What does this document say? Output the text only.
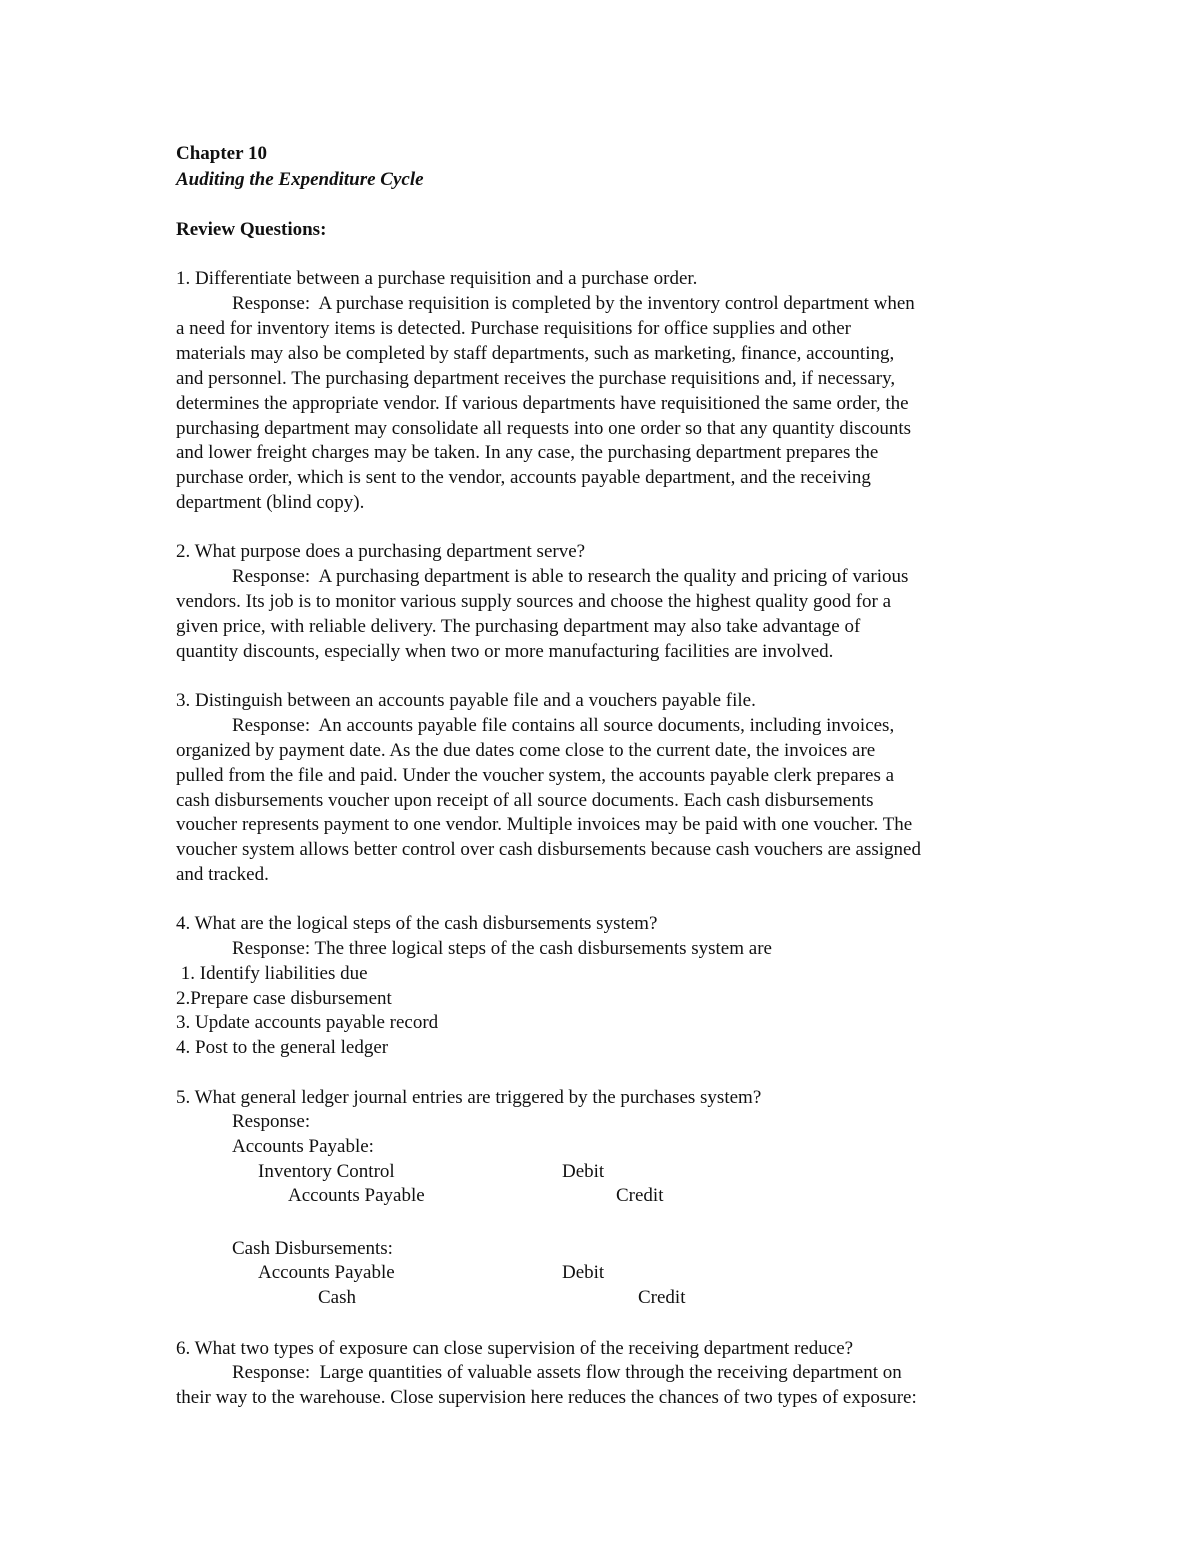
Chapter 10

Auditing the Expenditure Cycle

Review Questions:

1. Differentiate between a purchase requisition and a purchase order.

Response:  A purchase requisition is completed by the inventory control department when

a need for inventory items is detected. Purchase requisitions for office supplies and other

materials may also be completed by staff departments, such as marketing, finance, accounting,

and personnel. The purchasing department receives the purchase requisitions and, if necessary,

determines the appropriate vendor. If various departments have requisitioned the same order, the

purchasing department may consolidate all requests into one order so that any quantity discounts

and lower freight charges may be taken. In any case, the purchasing department prepares the

purchase order, which is sent to the vendor, accounts payable department, and the receiving

department (blind copy).

2. What purpose does a purchasing department serve?

Response:  A purchasing department is able to research the quality and pricing of various

vendors. Its job is to monitor various supply sources and choose the highest quality good for a

given price, with reliable delivery. The purchasing department may also take advantage of

quantity discounts, especially when two or more manufacturing facilities are involved.

3. Distinguish between an accounts payable file and a vouchers payable file.

Response:  An accounts payable file contains all source documents, including invoices,

organized by payment date. As the due dates come close to the current date, the invoices are

pulled from the file and paid. Under the voucher system, the accounts payable clerk prepares a

cash disbursements voucher upon receipt of all source documents. Each cash disbursements

voucher represents payment to one vendor. Multiple invoices may be paid with one voucher. The

voucher system allows better control over cash disbursements because cash vouchers are assigned

and tracked.

4. What are the logical steps of the cash disbursements system?

Response: The three logical steps of the cash disbursements system are

1. Identify liabilities due

2.Prepare case disbursement

3. Update accounts payable record

4. Post to the general ledger

5. What general ledger journal entries are triggered by the purchases system?

Response:

Accounts Payable:

Inventory Control	Debit

Accounts Payable	Credit

Cash Disbursements:

Accounts Payable	Debit

Cash	Credit

6. What two types of exposure can close supervision of the receiving department reduce?

Response:  Large quantities of valuable assets flow through the receiving department on

their way to the warehouse. Close supervision here reduces the chances of two types of exposure:
